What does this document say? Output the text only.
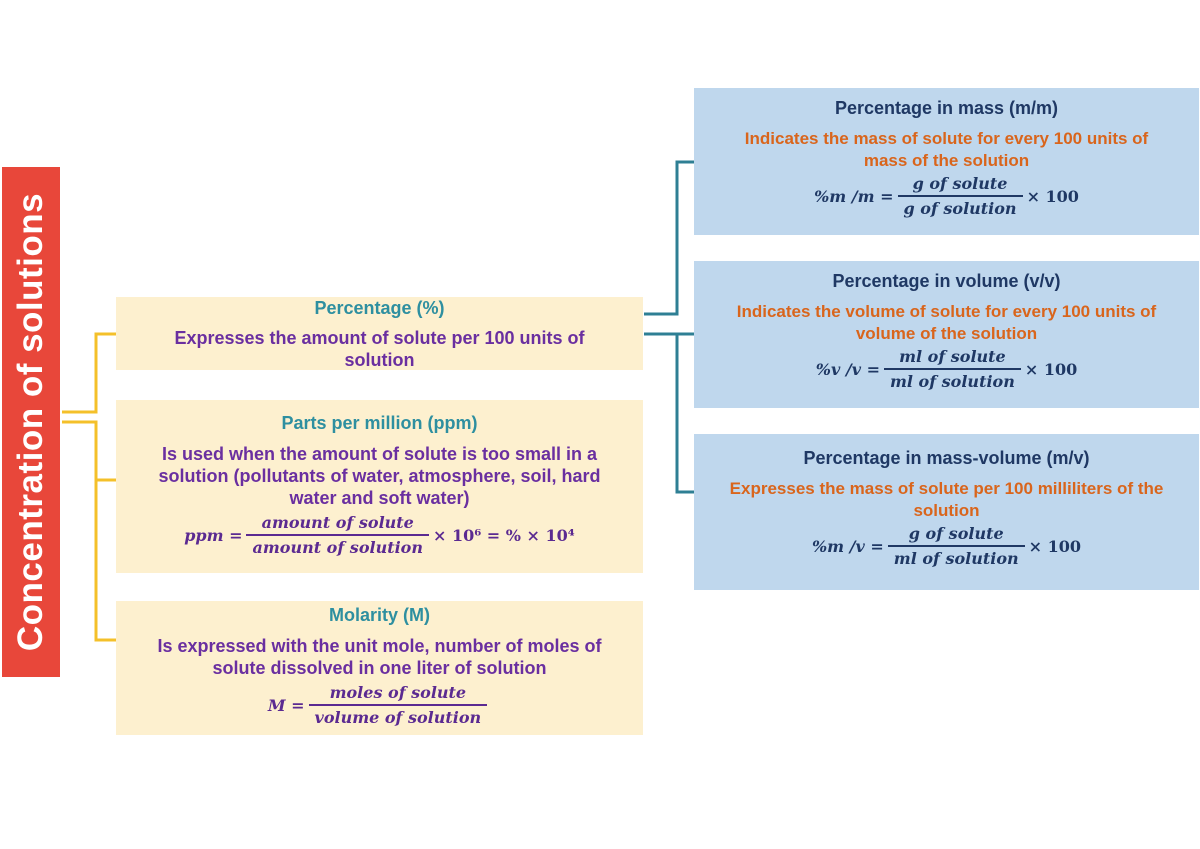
Concentration of solutions	Percentage (%)
Expresses the amount of solute per 100 units of
solution
Parts per million (ppm)
Is used when the amount of solute is too small in a
solution (pollutants of water, atmosphere, soil, hard
water and soft water)
ppm = $\frac{\text{amount of solute}}{\text{amount of solution}} \times 10^6$ = % × 10⁴
Molarity (M)
Is expressed with the unit mole, number of moles of
solute dissolved in one liter of solution
$M = \frac{\text{moles of solute}}{\text{volume of solution}}$
Percentage in mass (m/m)
Indicates the mass of solute for every 100 units of
mass of the solution
%m $/m = \frac{\text{g of solute}}{\text{g of solution}} \times 100$
Percentage in volume (v/v)
Indicates the volume of solute for every 100 units of
volume of the solution
%v $/v = \frac{\text{ml of solute}}{\text{ml of solution}} \times 100$
Percentage in mass-volume (m/v)
Expresses the mass of solute per 100 milliliters of the
solution
%m $/v = \frac{\text{g of solute}}{\text{ml of solution}} \times 100$
